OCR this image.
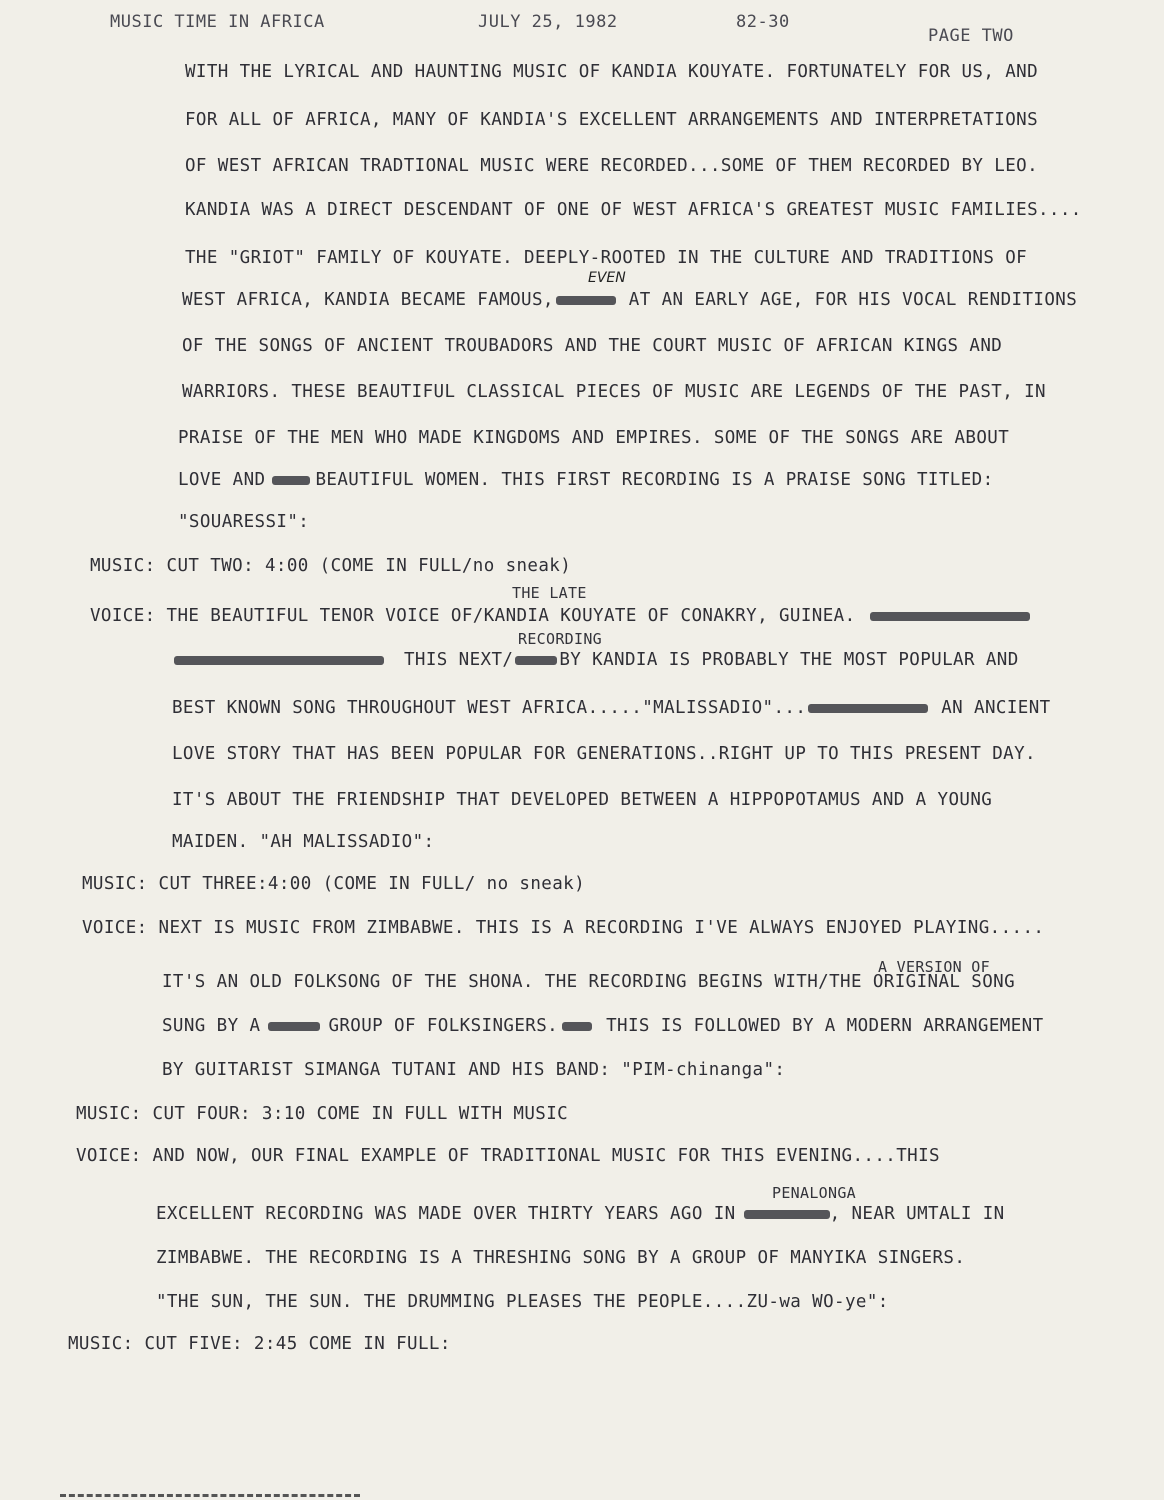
MUSIC TIME IN AFRICA	JULY 25, 1982	82-30
PAGE TWO
WITH THE LYRICAL AND HAUNTING MUSIC OF KANDIA KOUYATE. FORTUNATELY FOR US, AND
FOR ALL OF AFRICA, MANY OF KANDIA'S EXCELLENT ARRANGEMENTS AND INTERPRETATIONS
OF WEST AFRICAN TRADTIONAL MUSIC WERE RECORDED...SOME OF THEM RECORDED BY LEO.
KANDIA WAS A DIRECT DESCENDANT OF ONE OF WEST AFRICA'S GREATEST MUSIC FAMILIES....
THE "GRIOT" FAMILY OF KOUYATE. DEEPLY-ROOTED IN THE CULTURE AND TRADITIONS OF
EVEN
WEST AFRICA, KANDIA BECAME FAMOUS,	AT AN EARLY AGE, FOR HIS VOCAL RENDITIONS
OF THE SONGS OF ANCIENT TROUBADORS AND THE COURT MUSIC OF AFRICAN KINGS AND
WARRIORS. THESE BEAUTIFUL CLASSICAL PIECES OF MUSIC ARE LEGENDS OF THE PAST, IN
PRAISE OF THE MEN WHO MADE KINGDOMS AND EMPIRES. SOME OF THE SONGS ARE ABOUT
LOVE AND	BEAUTIFUL WOMEN. THIS FIRST RECORDING IS A PRAISE SONG TITLED:
"SOUARESSI":
MUSIC: CUT TWO: 4:00 (COME IN FULL/no sneak)
THE LATE
VOICE: THE BEAUTIFUL TENOR VOICE OF/KANDIA KOUYATE OF CONAKRY, GUINEA.
RECORDING
THIS NEXT/	BY KANDIA IS PROBABLY THE MOST POPULAR AND
BEST KNOWN SONG THROUGHOUT WEST AFRICA....."MALISSADIO"...	AN ANCIENT
LOVE STORY THAT HAS BEEN POPULAR FOR GENERATIONS..RIGHT UP TO THIS PRESENT DAY.
IT'S ABOUT THE FRIENDSHIP THAT DEVELOPED BETWEEN A HIPPOPOTAMUS AND A YOUNG
MAIDEN. "AH MALISSADIO":
MUSIC: CUT THREE:4:00 (COME IN FULL/ no sneak)
VOICE: NEXT IS MUSIC FROM ZIMBABWE. THIS IS A RECORDING I'VE ALWAYS ENJOYED PLAYING.....
A VERSION OF
IT'S AN OLD FOLKSONG OF THE SHONA. THE RECORDING BEGINS WITH/THE ORIGINAL SONG
SUNG BY A	GROUP OF FOLKSINGERS.	THIS IS FOLLOWED BY A MODERN ARRANGEMENT
BY GUITARIST SIMANGA TUTANI AND HIS BAND: "PIM-chinanga":
MUSIC: CUT FOUR: 3:10 COME IN FULL WITH MUSIC
VOICE: AND NOW, OUR FINAL EXAMPLE OF TRADITIONAL MUSIC FOR THIS EVENING....THIS
PENALONGA
EXCELLENT RECORDING WAS MADE OVER THIRTY YEARS AGO IN	, NEAR UMTALI IN
ZIMBABWE. THE RECORDING IS A THRESHING SONG BY A GROUP OF MANYIKA SINGERS.
"THE SUN, THE SUN. THE DRUMMING PLEASES THE PEOPLE....ZU-wa WO-ye":
MUSIC: CUT FIVE: 2:45 COME IN FULL:
